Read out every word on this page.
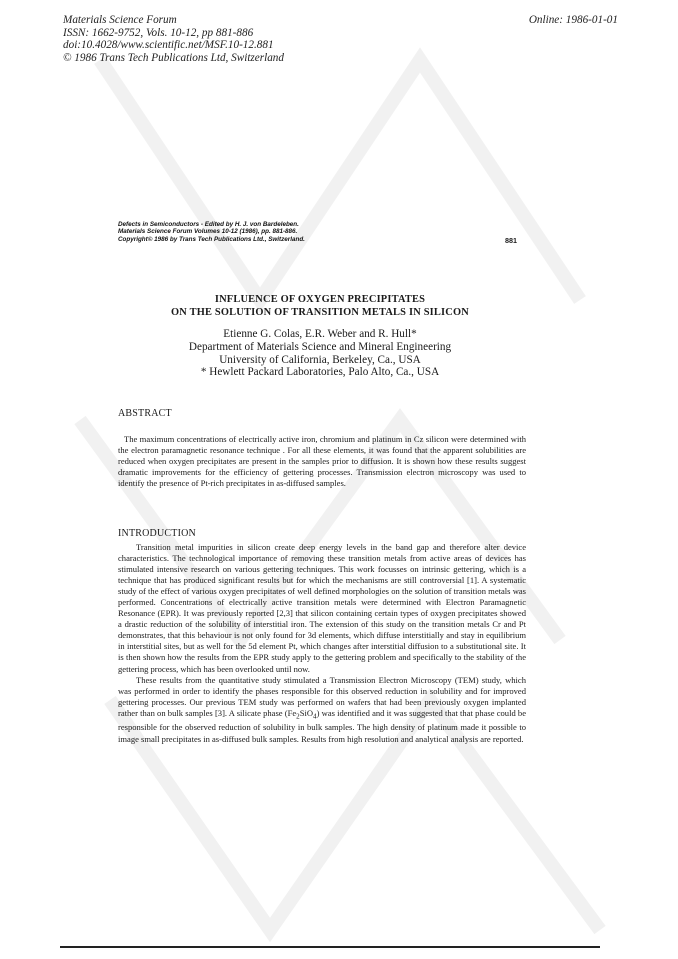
Materials Science Forum
ISSN: 1662-9752, Vols. 10-12, pp 881-886
doi:10.4028/www.scientific.net/MSF.10-12.881
© 1986 Trans Tech Publications Ltd, Switzerland
Online: 1986-01-01
Defects in Semiconductors - Edited by H. J. von Bardeleben.
Materials Science Forum Volumes 10-12 (1986), pp. 881-886.
Copyright© 1986 by Trans Tech Publications Ltd., Switzerland.	881
INFLUENCE OF OXYGEN PRECIPITATES
ON THE SOLUTION OF TRANSITION METALS IN SILICON
Etienne G. Colas, E.R. Weber and R. Hull*
Department of Materials Science and Mineral Engineering
University of California, Berkeley, Ca., USA
* Hewlett Packard Laboratories, Palo Alto, Ca., USA
ABSTRACT

The maximum concentrations of electrically active iron, chromium and platinum in Cz silicon were determined with the electron paramagnetic resonance technique . For all these elements, it was found that the apparent solubilities are reduced when oxygen precipitates are present in the samples prior to diffusion. It is shown how these results suggest dramatic improvements for the efficiency of gettering processes. Transmission electron microscopy was used to identify the presence of Pt-rich precipitates in as-diffused samples.

INTRODUCTION

Transition metal impurities in silicon create deep energy levels in the band gap and therefore alter device characteristics. The technological importance of removing these transition metals from active areas of devices has stimulated intensive research on various gettering techniques. This work focusses on intrinsic gettering, which is a technique that has produced significant results but for which the mechanisms are still controversial [1]. A systematic study of the effect of various oxygen precipitates of well defined morphologies on the solution of transition metals was performed. Concentrations of electrically active transition metals were determined with Electron Paramagnetic Resonance (EPR). It was previously reported [2,3] that silicon containing certain types of oxygen precipitates showed a drastic reduction of the solubility of interstitial iron. The extension of this study on the transition metals Cr and Pt demonstrates, that this behaviour is not only found for 3d elements, which diffuse interstitially and stay in equilibrium in interstitial sites, but as well for the 5d element Pt, which changes after interstitial diffusion to a substitutional site. It is then shown how the results from the EPR study apply to the gettering problem and specifically to the stability of the gettering process, which has been overlooked until now.

These results from the quantitative study stimulated a Transmission Electron Microscopy (TEM) study, which was performed in order to identify the phases responsible for this observed reduction in solubility and for improved gettering processes. Our previous TEM study was performed on wafers that had been previously oxygen implanted rather than on bulk samples [3]. A silicate phase $(Fe_2SiO_4)$ was identified and it was suggested that that phase could be responsible for the observed reduction of solubility in bulk samples. The high density of platinum made it possible to image small precipitates in as-diffused bulk samples. Results from high resolution and analytical analysis are reported.
